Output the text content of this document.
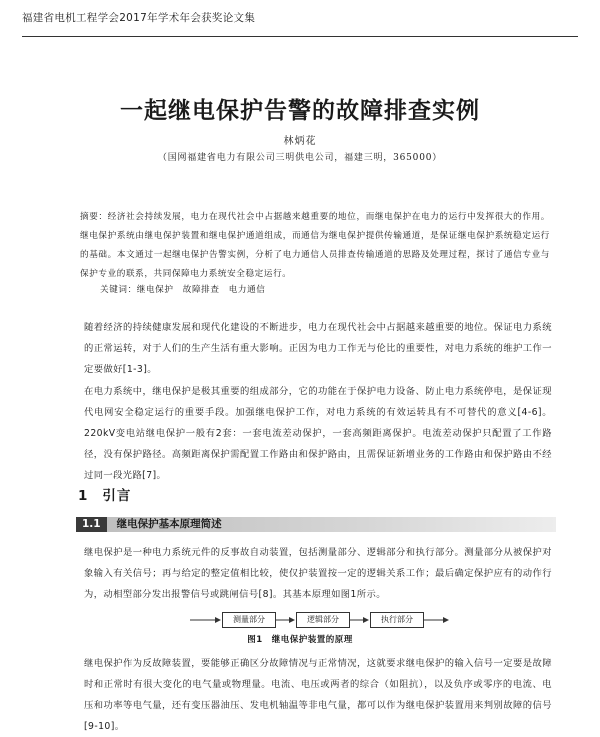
福建省电机工程学会2017年学术年会获奖论文集
一起继电保护告警的故障排查实例
林炳花
（国网福建省电力有限公司三明供电公司，福建三明，365000）
摘要：经济社会持续发展，电力在现代社会中占据越来越重要的地位，而继电保护在电力的运行中发挥很大的作用。继电保护系统由继电保护装置和继电保护通道组成，而通信为继电保护提供传输通道，是保证继电保护系统稳定运行的基础。本文通过一起继电保护告警实例，分析了电力通信人员排查传输通道的思路及处理过程，探讨了通信专业与保护专业的联系，共同保障电力系统安全稳定运行。
关键词：继电保护　故障排查　电力通信
随着经济的持续健康发展和现代化建设的不断进步，电力在现代社会中占据越来越重要的地位。保证电力系统的正常运转，对于人们的生产生活有重大影响。正因为电力工作无与伦比的重要性，对电力系统的维护工作一定要做好[1-3]。
在电力系统中，继电保护是极其重要的组成部分，它的功能在于保护电力设备、防止电力系统停电，是保证现代电网安全稳定运行的重要手段。加强继电保护工作，对电力系统的有效运转具有不可替代的意义[4-6]。220kV变电站继电保护一般有2套：一套电流差动保护，一套高频距离保护。电流差动保护只配置了工作路径，没有保护路径。高频距离保护需配置工作路由和保护路由，且需保证新增业务的工作路由和保护路由不经过同一段光路[7]。
1 引言
1.1 继电保护基本原理简述
继电保护是一种电力系统元件的反事故自动装置，包括测量部分、逻辑部分和执行部分。测量部分从被保护对象输入有关信号；再与给定的整定值相比较，使仅护装置按一定的逻辑关系工作；最后确定保护应有的动作行为，动相型部分发出报警信号或跳闸信号[8]。其基本原理如图1所示。
测量部分	逻辑部分	执行部分
图1　继电保护装置的原理
继电保护作为反故障装置，要能够正确区分故障情况与正常情况，这就要求继电保护的输入信号一定要是故障时和正常时有很大变化的电气量或物理量。电流、电压或两者的综合（如阻抗），以及负序或零序的电流、电压和功率等电气量，还有变压器油压、发电机轴温等非电气量，都可以作为继电保护装置用来判别故障的信号[9-10]。
